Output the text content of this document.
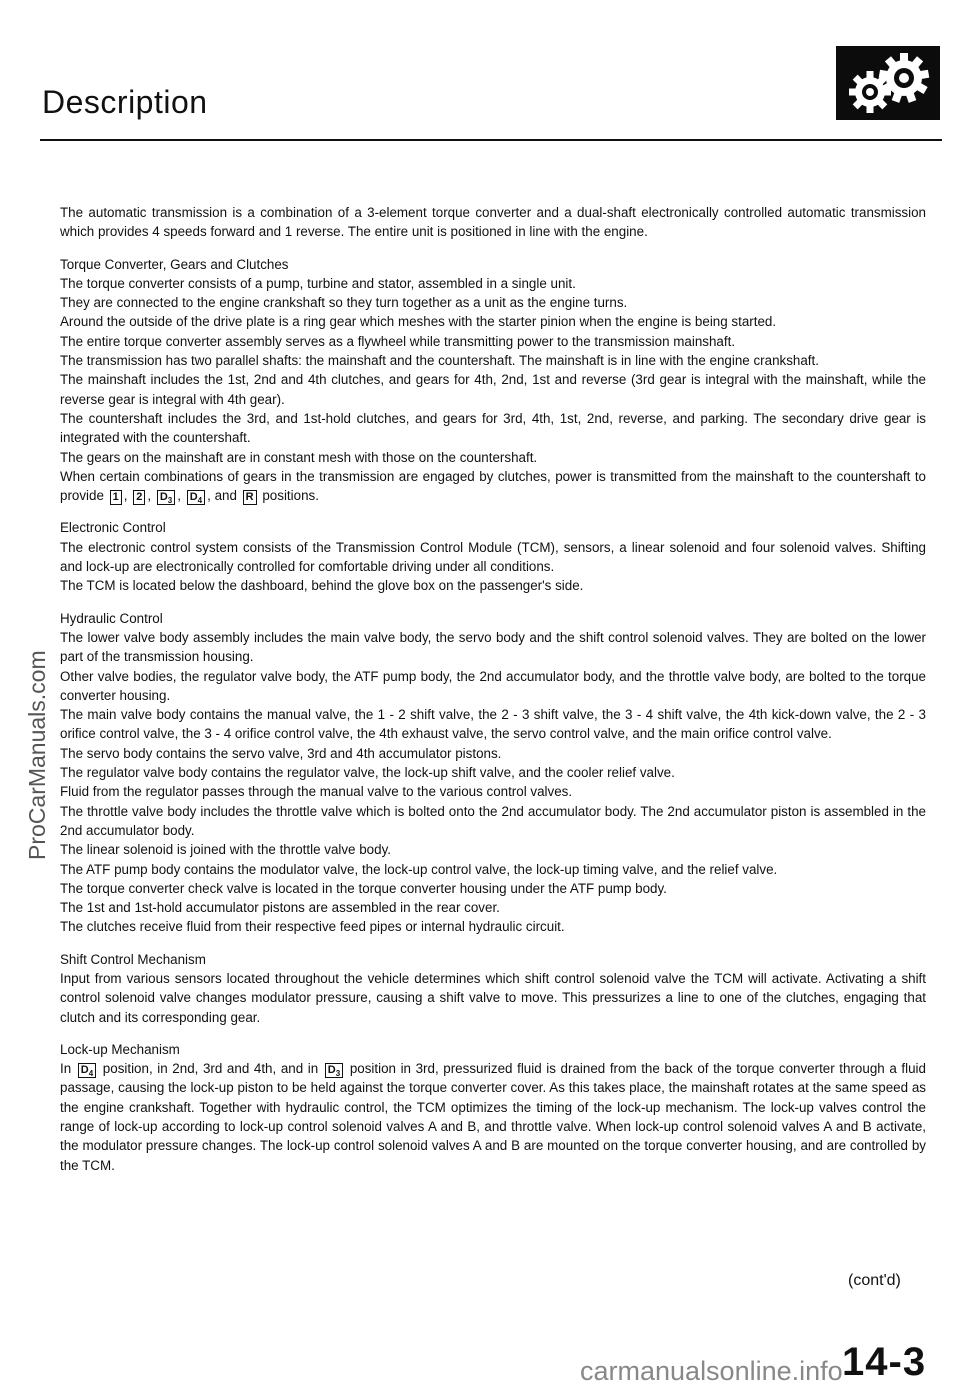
Description
ProCarManuals.com

The automatic transmission is a combination of a 3-element torque converter and a dual-shaft electronically controlled automatic transmission which provides 4 speeds forward and 1 reverse. The entire unit is positioned in line with the engine.

Torque Converter, Gears and Clutches

The torque converter consists of a pump, turbine and stator, assembled in a single unit.

They are connected to the engine crankshaft so they turn together as a unit as the engine turns.

Around the outside of the drive plate is a ring gear which meshes with the starter pinion when the engine is being started.

The entire torque converter assembly serves as a flywheel while transmitting power to the transmission mainshaft.

The transmission has two parallel shafts: the mainshaft and the countershaft. The mainshaft is in line with the engine crankshaft.

The mainshaft includes the 1st, 2nd and 4th clutches, and gears for 4th, 2nd, 1st and reverse (3rd gear is integral with the mainshaft, while the reverse gear is integral with 4th gear).

The countershaft includes the 3rd, and 1st-hold clutches, and gears for 3rd, 4th, 1st, 2nd, reverse, and parking. The secondary drive gear is integrated with the countershaft.

The gears on the mainshaft are in constant mesh with those on the countershaft.

When certain combinations of gears in the transmission are engaged by clutches, power is transmitted from the mainshaft to the countershaft to provide 1 , 2 , $D_3$ , $D_4$ , and R positions.

Electronic Control

The electronic control system consists of the Transmission Control Module (TCM), sensors, a linear solenoid and four solenoid valves. Shifting and lock-up are electronically controlled for comfortable driving under all conditions.

The TCM is located below the dashboard, behind the glove box on the passenger's side.

Hydraulic Control

The lower valve body assembly includes the main valve body, the servo body and the shift control solenoid valves. They are bolted on the lower part of the transmission housing.

Other valve bodies, the regulator valve body, the ATF pump body, the 2nd accumulator body, and the throttle valve body, are bolted to the torque converter housing.

The main valve body contains the manual valve, the 1 - 2 shift valve, the 2 - 3 shift valve, the 3 - 4 shift valve, the 4th kick-down valve, the 2 - 3 orifice control valve, the 3 - 4 orifice control valve, the 4th exhaust valve, the servo control valve, and the main orifice control valve.

The servo body contains the servo valve, 3rd and 4th accumulator pistons.

The regulator valve body contains the regulator valve, the lock-up shift valve, and the cooler relief valve.

Fluid from the regulator passes through the manual valve to the various control valves.

The throttle valve body includes the throttle valve which is bolted onto the 2nd accumulator body. The 2nd accumulator piston is assembled in the 2nd accumulator body.

The linear solenoid is joined with the throttle valve body.

The ATF pump body contains the modulator valve, the lock-up control valve, the lock-up timing valve, and the relief valve.

The torque converter check valve is located in the torque converter housing under the ATF pump body.

The 1st and 1st-hold accumulator pistons are assembled in the rear cover.

The clutches receive fluid from their respective feed pipes or internal hydraulic circuit.

Shift Control Mechanism

Input from various sensors located throughout the vehicle determines which shift control solenoid valve the TCM will activate. Activating a shift control solenoid valve changes modulator pressure, causing a shift valve to move. This pressurizes a line to one of the clutches, engaging that clutch and its corresponding gear.

Lock-up Mechanism

In $D_4$ position, in 2nd, 3rd and 4th, and in $D_3$ position in 3rd, pressurized fluid is drained from the back of the torque converter through a fluid passage, causing the lock-up piston to be held against the torque converter cover. As this takes place, the mainshaft rotates at the same speed as the engine crankshaft. Together with hydraulic control, the TCM optimizes the timing of the lock-up mechanism. The lock-up valves control the range of lock-up according to lock-up control solenoid valves A and B, and throttle valve. When lock-up control solenoid valves A and B activate, the modulator pressure changes. The lock-up control solenoid valves A and B are mounted on the torque converter housing, and are controlled by the TCM.

(cont'd)
14-3
carmanualsonline.info
